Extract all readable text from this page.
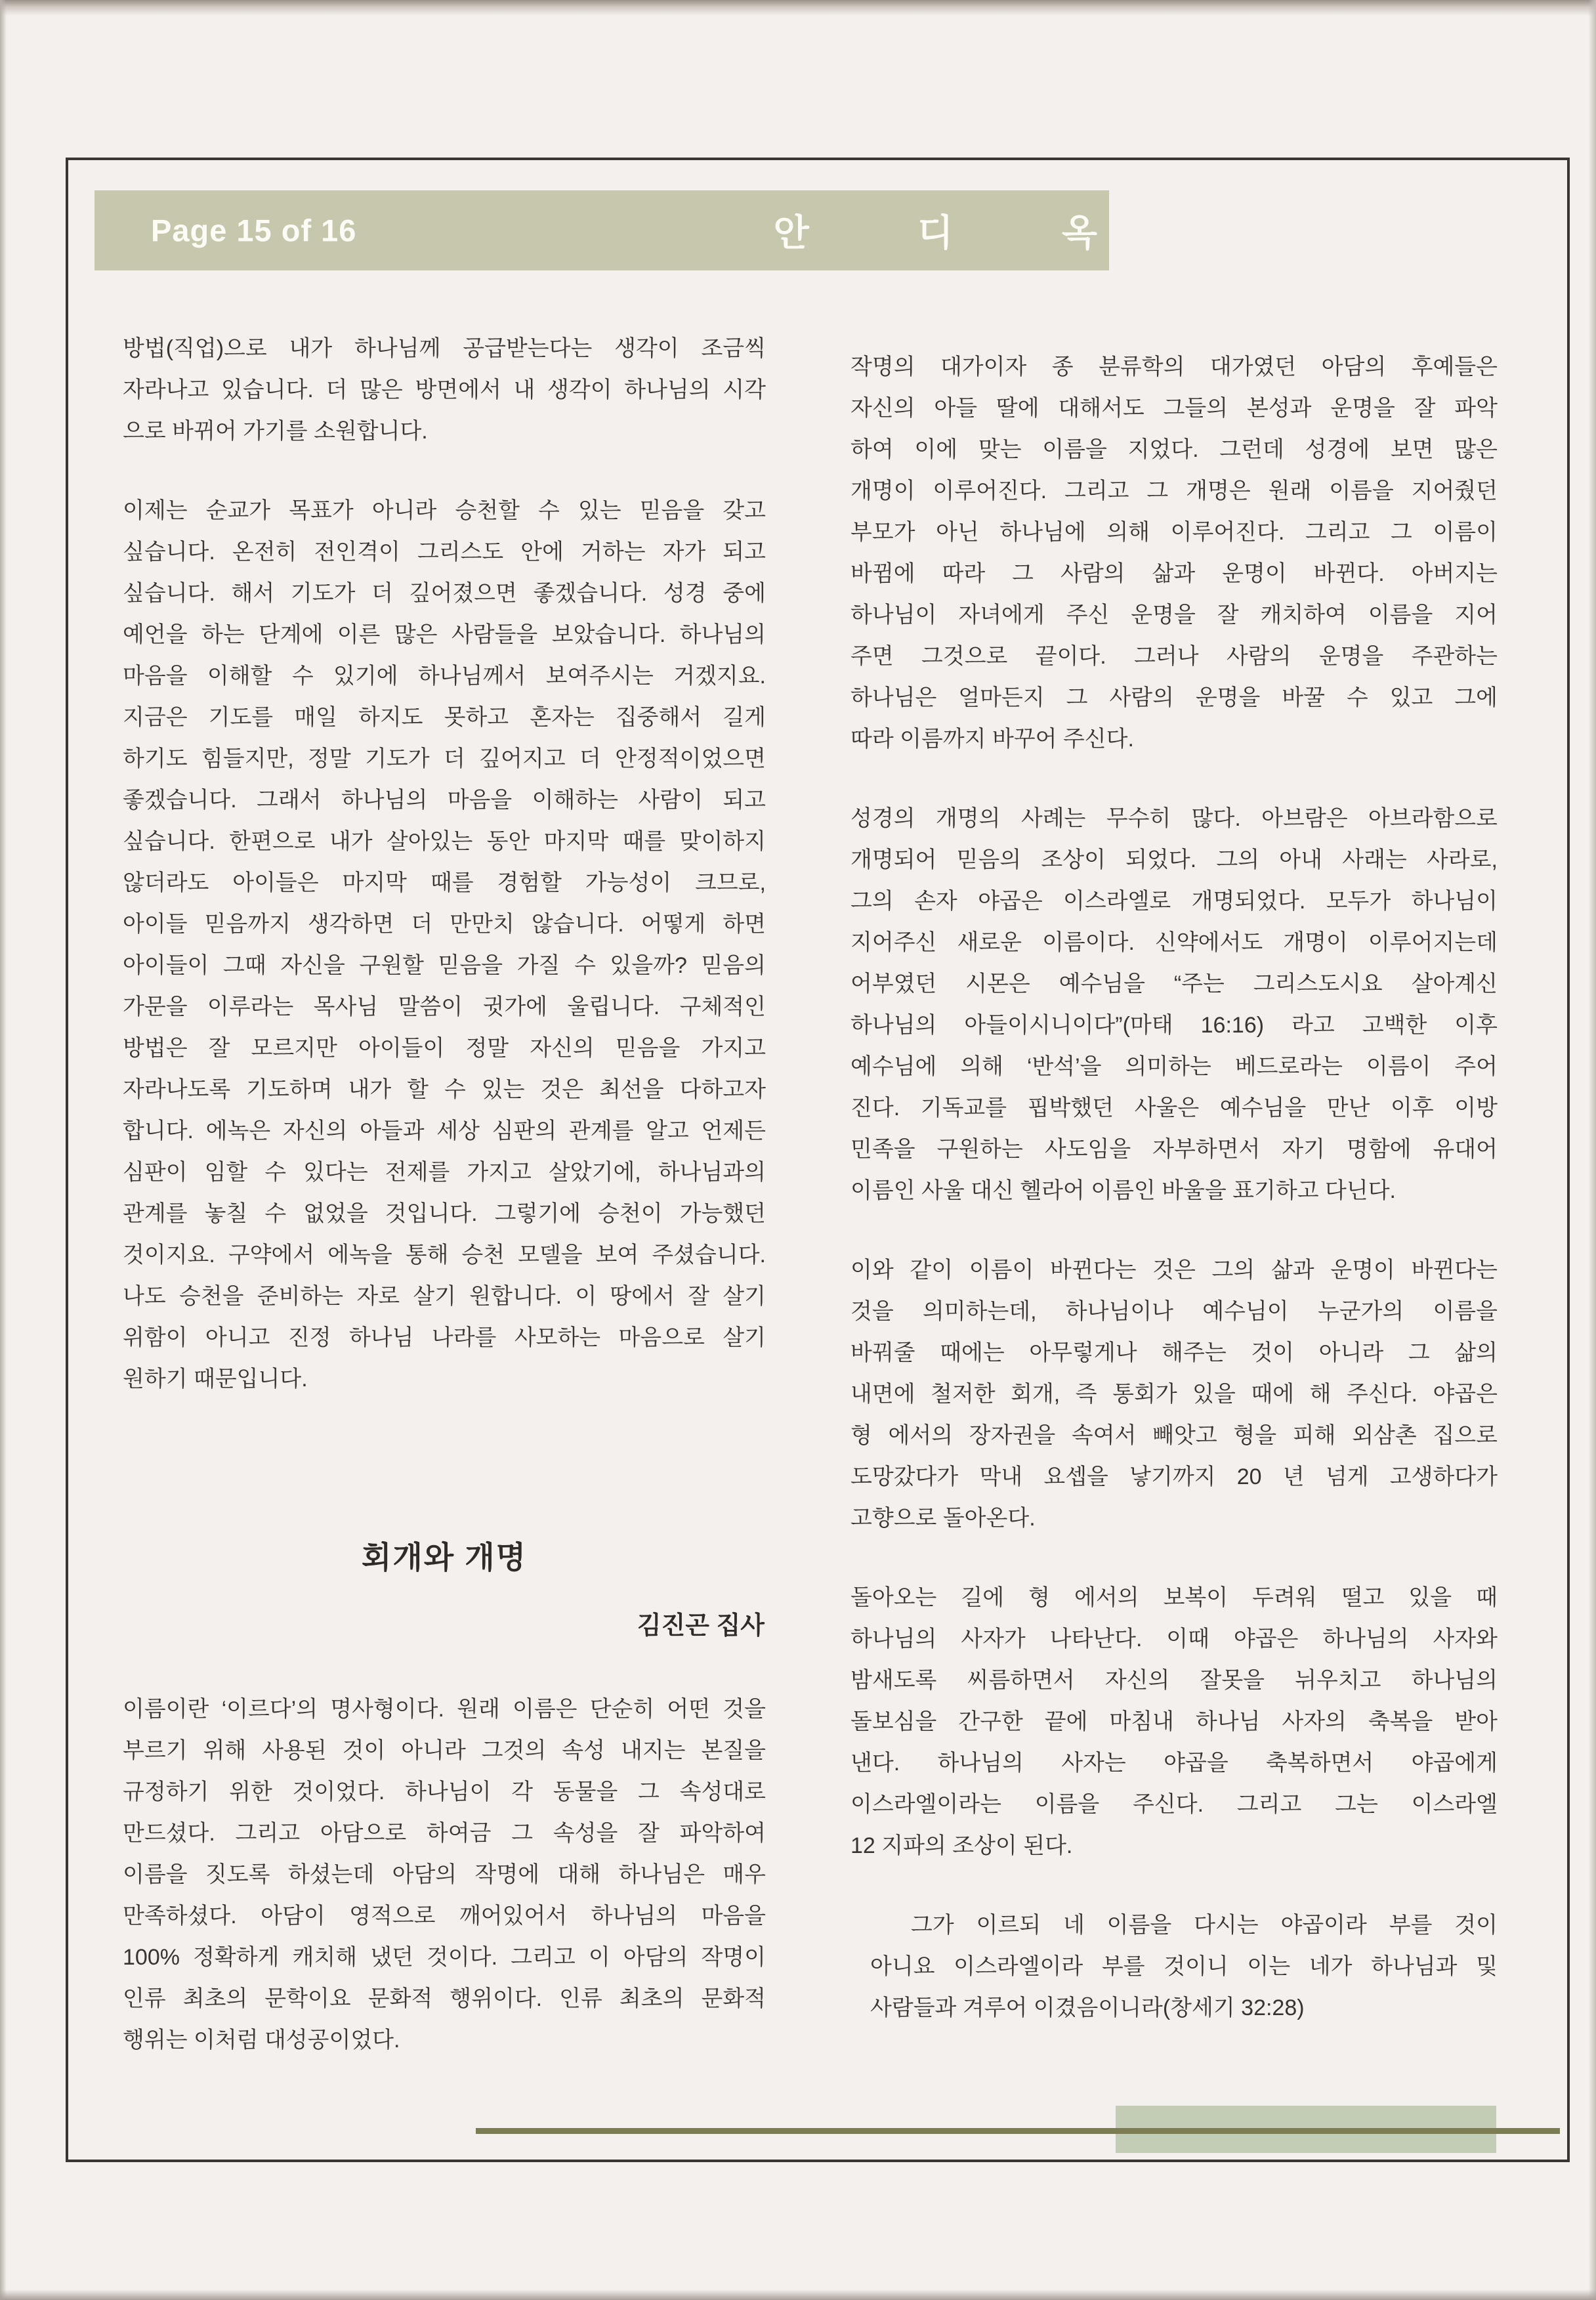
Page 15 of 16	안 디 옥
방법(직업)으로 내가 하나님께 공급받는다는 생각이 조금씩
자라나고 있습니다. 더 많은 방면에서 내 생각이 하나님의 시각
으로 바뀌어 가기를 소원합니다.
이제는 순교가 목표가 아니라 승천할 수 있는 믿음을 갖고
싶습니다. 온전히 전인격이 그리스도 안에 거하는 자가 되고
싶습니다. 해서 기도가 더 깊어졌으면 좋겠습니다. 성경 중에
예언을 하는 단계에 이른 많은 사람들을 보았습니다. 하나님의
마음을 이해할 수 있기에 하나님께서 보여주시는 거겠지요.
지금은 기도를 매일 하지도 못하고 혼자는 집중해서 길게
하기도 힘들지만, 정말 기도가 더 깊어지고 더 안정적이었으면
좋겠습니다. 그래서 하나님의 마음을 이해하는 사람이 되고
싶습니다. 한편으로 내가 살아있는 동안 마지막 때를 맞이하지
않더라도 아이들은 마지막 때를 경험할 가능성이 크므로,
아이들 믿음까지 생각하면 더 만만치 않습니다. 어떻게 하면
아이들이 그때 자신을 구원할 믿음을 가질 수 있을까? 믿음의
가문을 이루라는 목사님 말씀이 귓가에 울립니다. 구체적인
방법은 잘 모르지만 아이들이 정말 자신의 믿음을 가지고
자라나도록 기도하며 내가 할 수 있는 것은 최선을 다하고자
합니다. 에녹은 자신의 아들과 세상 심판의 관계를 알고 언제든
심판이 임할 수 있다는 전제를 가지고 살았기에, 하나님과의
관계를 놓칠 수 없었을 것입니다. 그렇기에 승천이 가능했던
것이지요. 구약에서 에녹을 통해 승천 모델을 보여 주셨습니다.
나도 승천을 준비하는 자로 살기 원합니다. 이 땅에서 잘 살기
위함이 아니고 진정 하나님 나라를 사모하는 마음으로 살기
원하기 때문입니다.
회개와 개명
김진곤 집사
이름이란 ‘이르다’의 명사형이다. 원래 이름은 단순히 어떤 것을
부르기 위해 사용된 것이 아니라 그것의 속성 내지는 본질을
규정하기 위한 것이었다. 하나님이 각 동물을 그 속성대로
만드셨다. 그리고 아담으로 하여금 그 속성을 잘 파악하여
이름을 짓도록 하셨는데 아담의 작명에 대해 하나님은 매우
만족하셨다. 아담이 영적으로 깨어있어서 하나님의 마음을
100% 정확하게 캐치해 냈던 것이다. 그리고 이 아담의 작명이
인류 최초의 문학이요 문화적 행위이다. 인류 최초의 문화적
행위는 이처럼 대성공이었다.
작명의 대가이자 종 분류학의 대가였던 아담의 후예들은
자신의 아들 딸에 대해서도 그들의 본성과 운명을 잘 파악
하여 이에 맞는 이름을 지었다. 그런데 성경에 보면 많은
개명이 이루어진다. 그리고 그 개명은 원래 이름을 지어줬던
부모가 아닌 하나님에 의해 이루어진다. 그리고 그 이름이
바뀜에 따라 그 사람의 삶과 운명이 바뀐다. 아버지는
하나님이 자녀에게 주신 운명을 잘 캐치하여 이름을 지어
주면 그것으로 끝이다. 그러나 사람의 운명을 주관하는
하나님은 얼마든지 그 사람의 운명을 바꿀 수 있고 그에
따라 이름까지 바꾸어 주신다.
성경의 개명의 사례는 무수히 많다. 아브람은 아브라함으로
개명되어 믿음의 조상이 되었다. 그의 아내 사래는 사라로,
그의 손자 야곱은 이스라엘로 개명되었다. 모두가 하나님이
지어주신 새로운 이름이다. 신약에서도 개명이 이루어지는데
어부였던 시몬은 예수님을 “주는 그리스도시요 살아계신
하나님의 아들이시니이다”(마태 16:16) 라고 고백한 이후
예수님에 의해 ‘반석’을 의미하는 베드로라는 이름이 주어
진다. 기독교를 핍박했던 사울은 예수님을 만난 이후 이방
민족을 구원하는 사도임을 자부하면서 자기 명함에 유대어
이름인 사울 대신 헬라어 이름인 바울을 표기하고 다닌다.
이와 같이 이름이 바뀐다는 것은 그의 삶과 운명이 바뀐다는
것을 의미하는데, 하나님이나 예수님이 누군가의 이름을
바꿔줄 때에는 아무렇게나 해주는 것이 아니라 그 삶의
내면에 철저한 회개, 즉 통회가 있을 때에 해 주신다. 야곱은
형 에서의 장자권을 속여서 빼앗고 형을 피해 외삼촌 집으로
도망갔다가 막내 요셉을 낳기까지 20 년 넘게 고생하다가
고향으로 돌아온다.
돌아오는 길에 형 에서의 보복이 두려워 떨고 있을 때
하나님의 사자가 나타난다. 이때 야곱은 하나님의 사자와
밤새도록 씨름하면서 자신의 잘못을 뉘우치고 하나님의
돌보심을 간구한 끝에 마침내 하나님 사자의 축복을 받아
낸다. 하나님의 사자는 야곱을 축복하면서 야곱에게
이스라엘이라는 이름을 주신다. 그리고 그는 이스라엘
12 지파의 조상이 된다.
그가 이르되 네 이름을 다시는 야곱이라 부를 것이
아니요 이스라엘이라 부를 것이니 이는 네가 하나님과 및
사람들과 겨루어 이겼음이니라(창세기 32:28)
